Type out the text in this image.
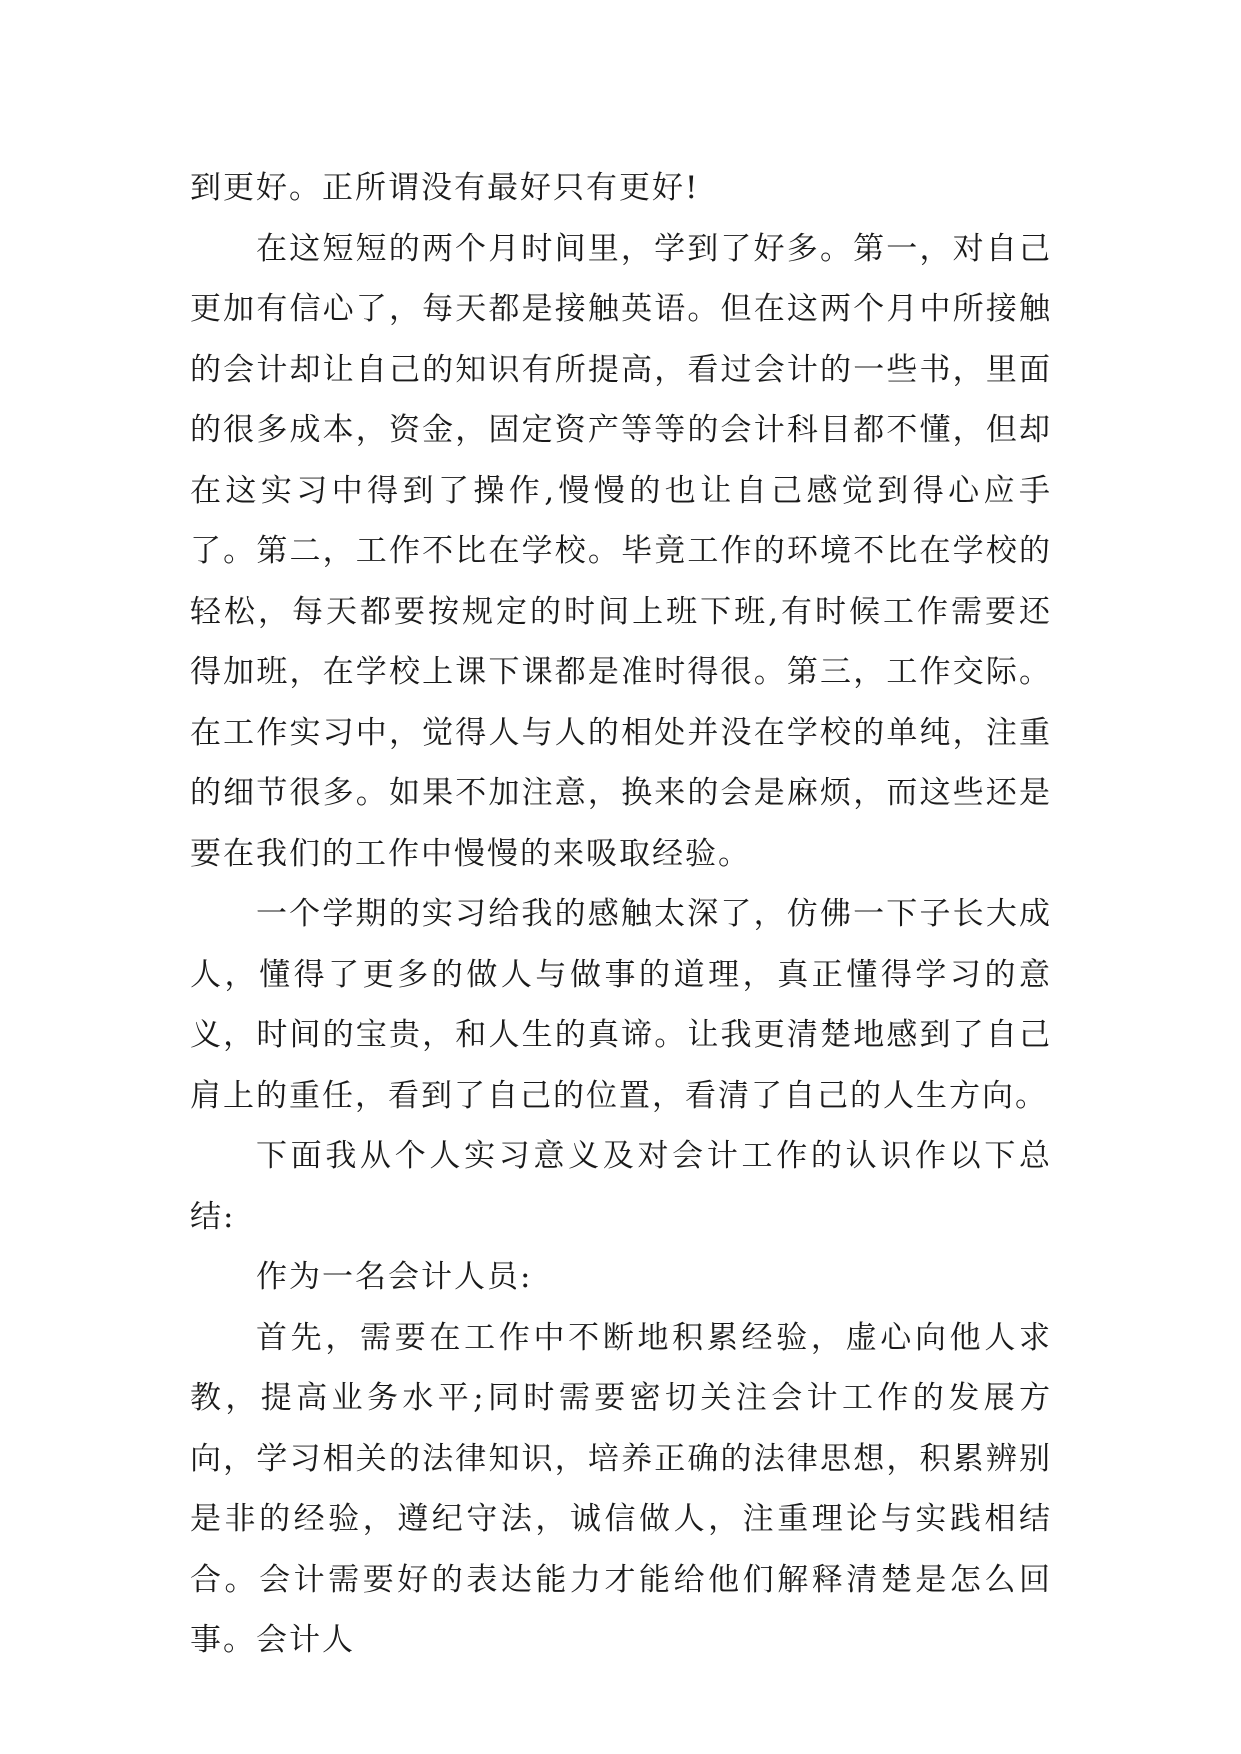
到更好。正所谓没有最好只有更好!

在这短短的两个月时间里，学到了好多。第一，对自己更加有信心了，每天都是接触英语。但在这两个月中所接触的会计却让自己的知识有所提高，看过会计的一些书，里面的很多成本，资金，固定资产等等的会计科目都不懂，但却在这实习中得到了操作,慢慢的也让自己感觉到得心应手了。第二，工作不比在学校。毕竟工作的环境不比在学校的轻松，每天都要按规定的时间上班下班,有时候工作需要还得加班，在学校上课下课都是准时得很。第三，工作交际。在工作实习中，觉得人与人的相处并没在学校的单纯，注重的细节很多。如果不加注意，换来的会是麻烦，而这些还是要在我们的工作中慢慢的来吸取经验。

一个学期的实习给我的感触太深了，仿佛一下子长大成人，懂得了更多的做人与做事的道理，真正懂得学习的意义，时间的宝贵，和人生的真谛。让我更清楚地感到了自己肩上的重任，看到了自己的位置，看清了自己的人生方向。

下面我从个人实习意义及对会计工作的认识作以下总结:

作为一名会计人员:

首先，需要在工作中不断地积累经验，虚心向他人求教，提高业务水平;同时需要密切关注会计工作的发展方向，学习相关的法律知识，培养正确的法律思想，积累辨别是非的经验，遵纪守法，诚信做人，注重理论与实践相结合。会计需要好的表达能力才能给他们解释清楚是怎么回事。会计人
